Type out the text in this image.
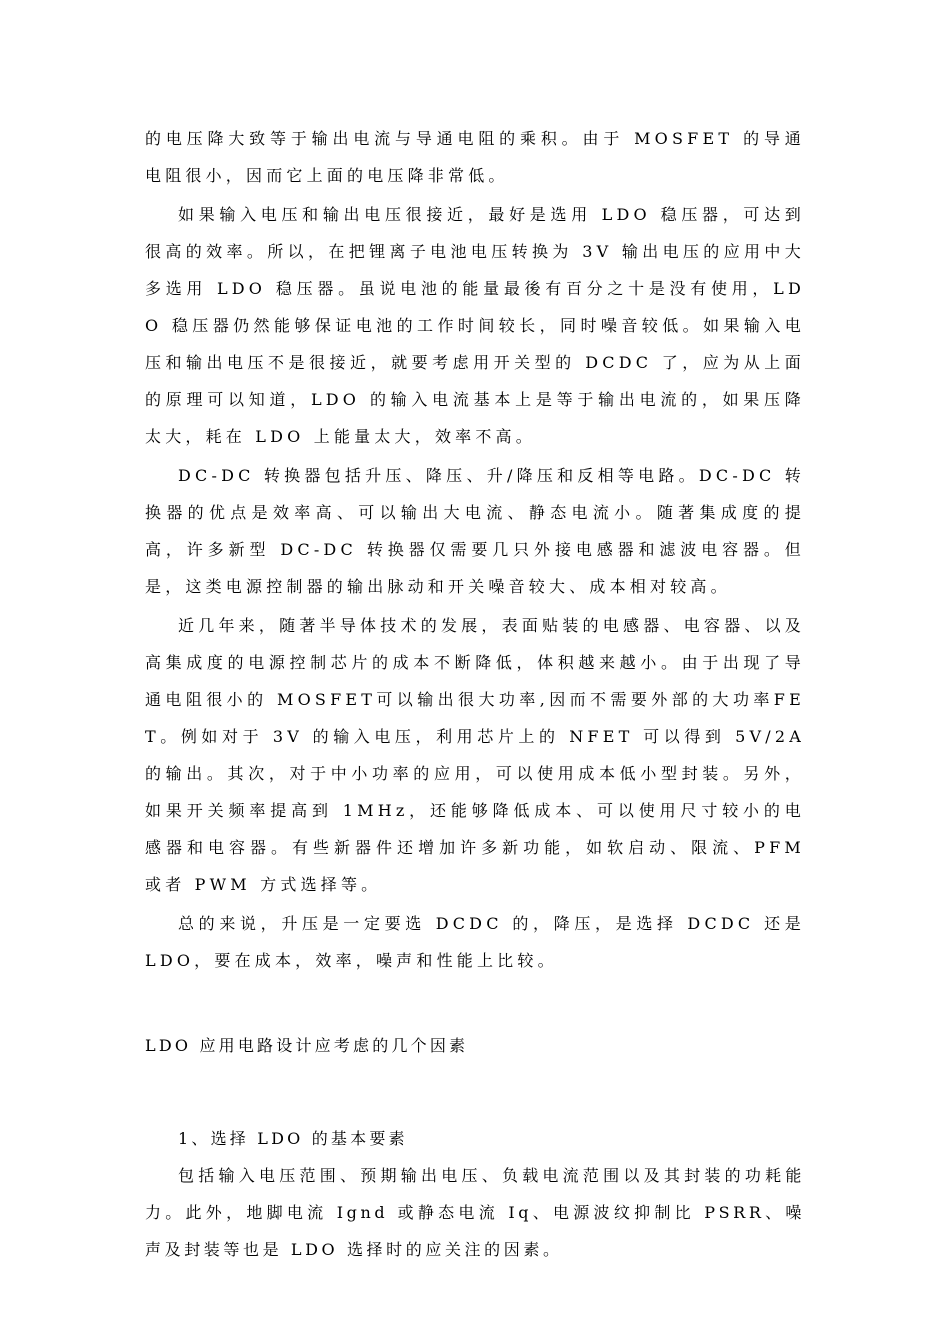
的电压降大致等于输出电流与导通电阻的乘积。由于 MOSFET 的导通电阻很小，因而它上面的电压降非常低。

如果输入电压和输出电压很接近，最好是选用 LDO 稳压器，可达到很高的效率。所以，在把锂离子电池电压转换为 3V 输出电压的应用中大多选用 LDO 稳压器。虽说电池的能量最後有百分之十是没有使用，LDO 稳压器仍然能够保证电池的工作时间较长，同时噪音较低。如果输入电压和输出电压不是很接近，就要考虑用开关型的 DCDC 了，应为从上面的原理可以知道，LDO 的输入电流基本上是等于输出电流的，如果压降太大，耗在 LDO 上能量太大，效率不高。

DC-DC 转换器包括升压、降压、升/降压和反相等电路。DC-DC 转换器的优点是效率高、可以输出大电流、静态电流小。随著集成度的提高，许多新型 DC-DC 转换器仅需要几只外接电感器和滤波电容器。但是，这类电源控制器的输出脉动和开关噪音较大、成本相对较高。

近几年来，随著半导体技术的发展，表面贴装的电感器、电容器、以及高集成度的电源控制芯片的成本不断降低，体积越来越小。由于出现了导通电阻很小的 MOSFET可以输出很大功率,因而不需要外部的大功率FET。例如对于 3V 的输入电压，利用芯片上的 NFET 可以得到 5V/2A 的输出。其次，对于中小功率的应用，可以使用成本低小型封装。另外，如果开关频率提高到 1MHz，还能够降低成本、可以使用尺寸较小的电感器和电容器。有些新器件还增加许多新功能，如软启动、限流、PFM 或者 PWM 方式选择等。

总的来说，升压是一定要选 DCDC 的，降压，是选择 DCDC 还是 LDO，要在成本，效率，噪声和性能上比较。

LDO 应用电路设计应考虑的几个因素
1、选择 LDO 的基本要素

包括输入电压范围、预期输出电压、负载电流范围以及其封装的功耗能力。此外，地脚电流 Ignd 或静态电流 Iq、电源波纹抑制比 PSRR、噪声及封装等也是 LDO 选择时的应关注的因素。
